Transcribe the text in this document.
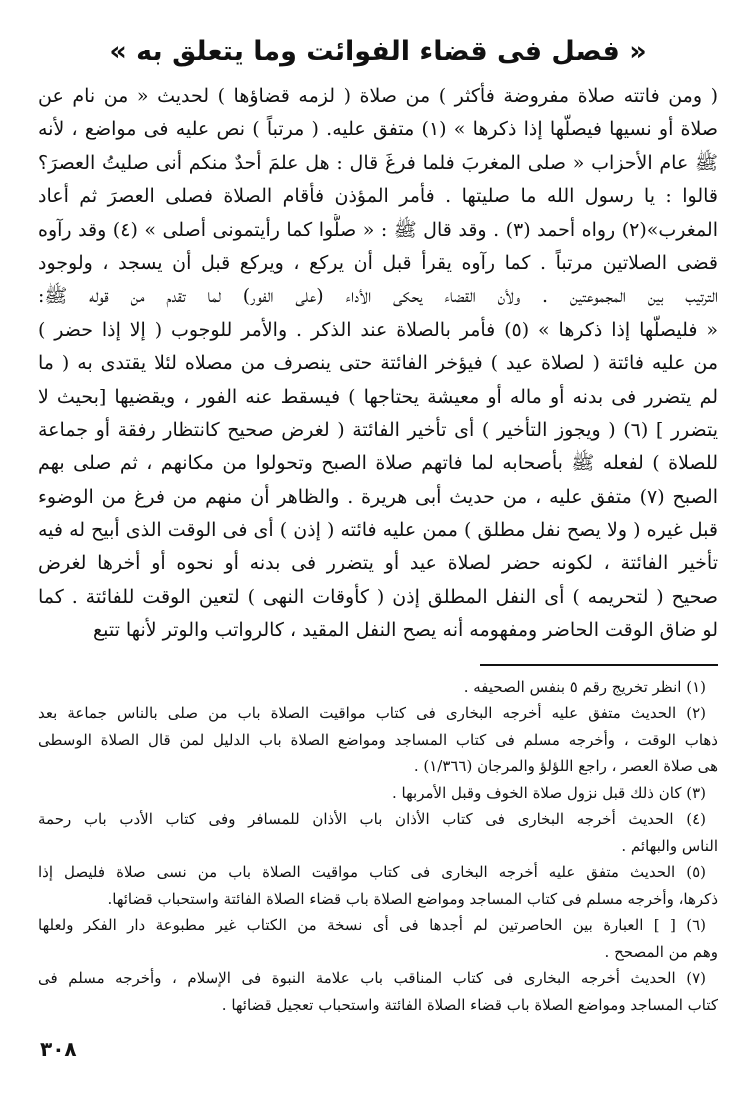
« فصل فى قضاء الفوائت وما يتعلق به »
( ومن فاتته صلاة مفروضة فأكثر ) من صلاة ( لزمه قضاؤها ) لحديث « من نام عن
صلاة أو نسيها فيصلّها إذا ذكرها » (١) متفق عليه. ( مرتباً ) نص عليه فى مواضع ، لأنه
ﷺ عام الأحزاب « صلى المغربَ فلما فرغَ قال : هل علمَ أحدٌ منكم أنى صليتُ العصرَ؟
قالوا : يا رسول الله ما صليتها . فأمر المؤذن فأقام الصلاة فصلى العصرَ ثم أعاد
المغرب»(٢) رواه أحمد (٣) . وقد قال ﷺ : « صلُّوا كما رأيتمونى أصلى » (٤) وقد رآوه
قضى الصلاتين مرتباً . كما رآوه يقرأ قبل أن يركع ، ويركع قبل أن يسجد ، ولوجود
الترتيب بين المجموعتين . ولأن القضاء يحكى الأداء (على الفور) لما تقدم من قوله ﷺ:
« فليصلّها إذا ذكرها » (٥) فأمر بالصلاة عند الذكر . والأمر للوجوب ( إلا إذا حضر )
من عليه فائتة ( لصلاة عيد ) فيؤخر الفائتة حتى ينصرف من مصلاه لئلا يقتدى به ( ما
لم يتضرر فى بدنه أو ماله أو معيشة يحتاجها ) فيسقط عنه الفور ، ويقضيها [بحيث لا
يتضرر ] (٦) ( ويجوز التأخير ) أى تأخير الفائتة ( لغرض صحيح كانتظار رفقة أو جماعة
للصلاة ) لفعله ﷺ بأصحابه لما فاتهم صلاة الصبح وتحولوا من مكانهم ، ثم صلى بهم
الصبح (٧) متفق عليه ، من حديث أبى هريرة . والظاهر أن منهم من فرغ من الوضوء
قبل غيره ( ولا يصح نفل مطلق ) ممن عليه فائته ( إذن ) أى فى الوقت الذى أبيح له فيه
تأخير الفائتة ، لكونه حضر لصلاة عيد أو يتضرر فى بدنه أو نحوه أو أخرها لغرض
صحيح ( لتحريمه ) أى النفل المطلق إذن ( كأوقات النهى ) لتعين الوقت للفائتة . كما
لو ضاق الوقت الحاضر ومفهومه أنه يصح النفل المقيد ، كالرواتب والوتر لأنها تتبع
(١) انظر تخريج رقم ٥ بنفس الصحيفه .
(٢) الحديث متفق عليه أخرجه البخارى فى كتاب مواقيت الصلاة باب من صلى بالناس جماعة بعد
ذهاب الوقت ، وأخرجه مسلم فى كتاب المساجد ومواضع الصلاة باب الدليل لمن قال الصلاة الوسطى
هى صلاة العصر ، راجع اللؤلؤ والمرجان (١/٣٦٦) .
(٣) كان ذلك قبل نزول صلاة الخوف وقبل الأمربها .
(٤) الحديث أخرجه البخارى فى كتاب الأذان باب الأذان للمسافر وفى كتاب الأدب باب رحمة
الناس والبهائم .
(٥) الحديث متفق عليه أخرجه البخارى فى كتاب مواقيت الصلاة باب من نسى صلاة فليصل إذا
ذكرها، وأخرجه مسلم فى كتاب المساجد ومواضع الصلاة باب قضاء الصلاة الفائتة واستحباب قضائها.
(٦) [ ] العبارة بين الحاصرتين لم أجدها فى أى نسخة من الكتاب غير مطبوعة دار الفكر ولعلها
وهم من المصحح .
(٧) الحديث أخرجه البخارى فى كتاب المناقب باب علامة النبوة فى الإسلام ، وأخرجه مسلم فى
كتاب المساجد ومواضع الصلاة باب قضاء الصلاة الفائتة واستحباب تعجيل قضائها .
٣٠٨
